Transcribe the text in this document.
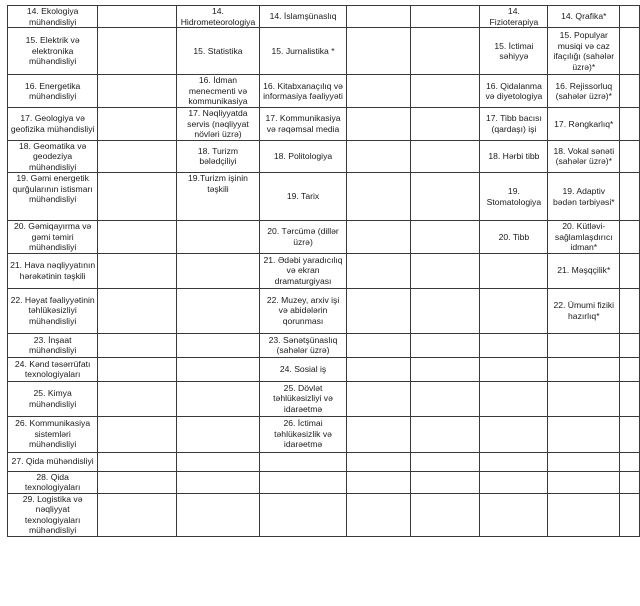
14. Ekologiya mühəndisliyi		14. Hidrometeorologiya	14. İslamşünaslıq			14. Fizioterapiya	14. Qrafika*	
15. Elektrik və elektronika mühəndisliyi		15. Statistika	15. Jurnalistika *			15. İctimai səhiyyə	15. Populyar musiqi və caz ifaçılığı (sahələr üzrə)*	
16. Energetika mühəndisliyi		16. İdman menecmenti və kommunikasiya	16. Kitabxanaçılıq və informasiya fəaliyyəti			16. Qidalanma və diyetologiya	16. Rejissorluq (sahələr üzrə)*	
17. Geologiya və geofizika mühəndisliyi		17. Nəqliyyatda servis (nəqliyyat növləri üzrə)	17. Kommunikasiya və rəqəmsal media			17. Tibb bacısı (qardaşı) işi	17. Rəngkarlıq*	
18. Geomatika və geodeziya mühəndisliyi		18. Turizm bələdçiliyi	18. Politologiya			18. Hərbi tibb	18. Vokal sənəti (sahələr üzrə)*	
19. Gəmi energetik qurğularının istismarı mühəndisliyi		19.Turizm işinin təşkili	19. Tarix			19. Stomatologiya	19. Adaptiv bədən tərbiyəsi*	
20. Gəmiqayırma və gəmi təmiri mühəndisliyi			20. Tərcümə (dillər üzrə)			20. Tibb	20. Kütləvi-sağlamlaşdırıcı idman*	
21. Hava nəqliyyatının hərəkətinin təşkili			21. Ədəbi yaradıcılıq və ekran dramaturgiyası				21. Məşqçilik*	
22. Həyat fəaliyyətinin təhlükəsizliyi mühəndisliyi			22. Muzey, arxiv işi və abidələrin qorunması				22. Ümumi fiziki hazırlıq*	
23. İnşaat mühəndisliyi			23. Sənətşünaslıq (sahələr üzrə)					
24. Kənd təsərrüfatı texnologiyaları			24. Sosial iş					
25. Kimya mühəndisliyi			25. Dövlət təhlükəsizliyi və idarəetmə					
26. Kommunikasiya sistemləri mühəndisliyi			26. İctimai təhlükəsizlik və idarəetmə					
27. Qida mühəndisliyi								
28. Qida texnologiyaları								
29. Logistika və nəqliyyat texnologiyaları mühəndisliyi								
